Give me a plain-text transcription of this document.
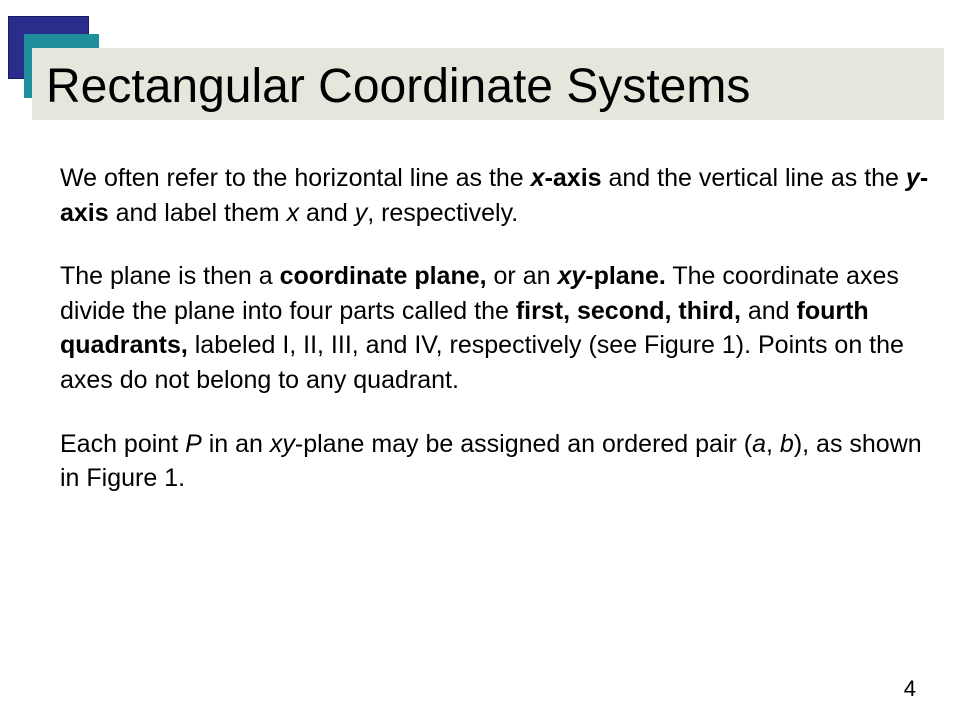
Rectangular Coordinate Systems

We often refer to the horizontal line as the x-axis and the vertical line as the y-axis and label them x and y, respectively.

The plane is then a coordinate plane, or an xy-plane. The coordinate axes divide the plane into four parts called the first, second, third, and fourth quadrants, labeled I, II, III, and IV, respectively (see Figure 1). Points on the axes do not belong to any quadrant.

Each point P in an xy-plane may be assigned an ordered pair (a, b), as shown in Figure 1.

4
